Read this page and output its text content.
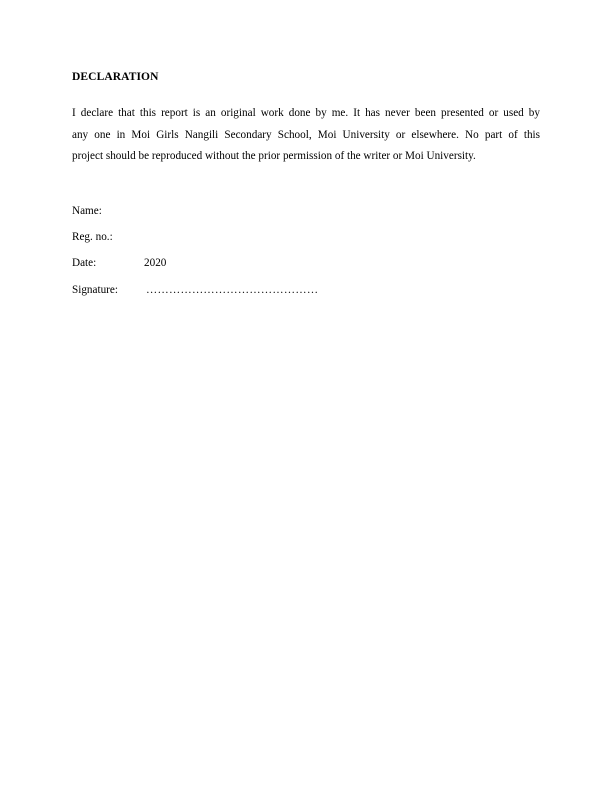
DECLARATION
I declare that this report is an original work done by me. It has never been presented or used by
any one in Moi Girls Nangili Secondary School, Moi University or elsewhere. No part of this
project should be reproduced without the prior permission of the writer or Moi University.
Name:
Reg. no.:
Date:	2020
Signature:	………………………………………
